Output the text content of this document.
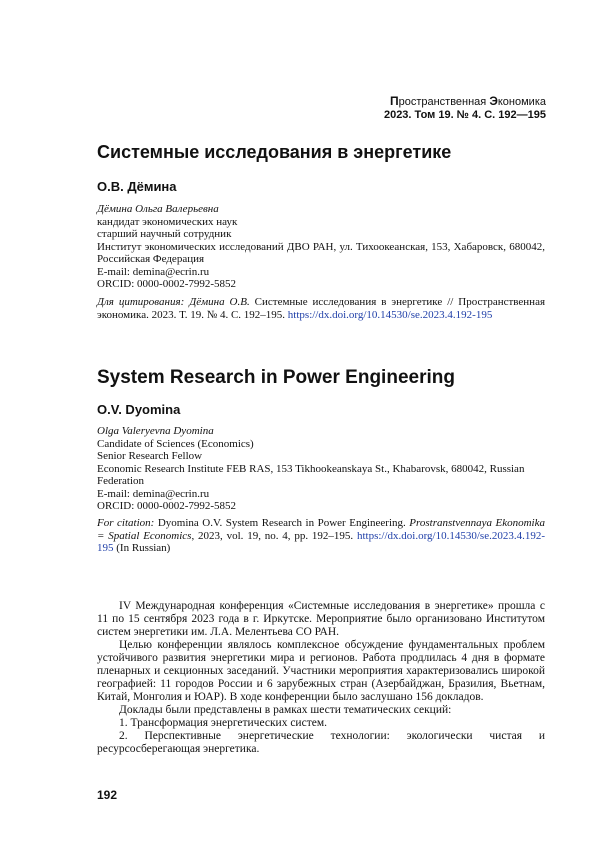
Пространственная Экономика
2023. Том 19. № 4. С. 192—195
Системные исследования в энергетике
О.В. Дёмина
Дёмина Ольга Валерьевна
кандидат экономических наук
старший научный сотрудник
Институт экономических исследований ДВО РАН, ул. Тихоокеанская, 153, Хабаровск, 680042, Российская Федерация
E-mail: demina@ecrin.ru
ORCID: 0000-0002-7992-5852
Для цитирования: Дёмина О.В. Системные исследования в энергетике // Пространственная экономика. 2023. Т. 19. № 4. С. 192–195. https://dx.doi.org/10.14530/se.2023.4.192-195
System Research in Power Engineering
O.V. Dyomina
Olga Valeryevna Dyomina
Candidate of Sciences (Economics)
Senior Research Fellow
Economic Research Institute FEB RAS, 153 Tikhookeanskaya St., Khabarovsk, 680042, Russian Federation
E-mail: demina@ecrin.ru
ORCID: 0000-0002-7992-5852
For citation: Dyomina O.V. System Research in Power Engineering. Prostranstvennaya Ekonomika = Spatial Economics, 2023, vol. 19, no. 4, pp. 192–195. https://dx.doi.org/10.14530/se.2023.4.192-195 (In Russian)

IV Международная конференция «Системные исследования в энергетике» прошла с 11 по 15 сентября 2023 года в г. Иркутске. Мероприятие было организовано Институтом систем энергетики им. Л.А. Мелентьева СО РАН.

Целью конференции являлось комплексное обсуждение фундаментальных проблем устойчивого развития энергетики мира и регионов. Работа продлилась 4 дня в формате пленарных и секционных заседаний. Участники мероприятия характеризовались широкой географией: 11 городов России и 6 зарубежных стран (Азербайджан, Бразилия, Вьетнам, Китай, Монголия и ЮАР). В ходе конференции было заслушано 156 докладов.

Доклады были представлены в рамках шести тематических секций:

1. Трансформация энергетических систем.

2. Перспективные энергетические технологии: экологически чистая и ресурсосберегающая энергетика.

192
